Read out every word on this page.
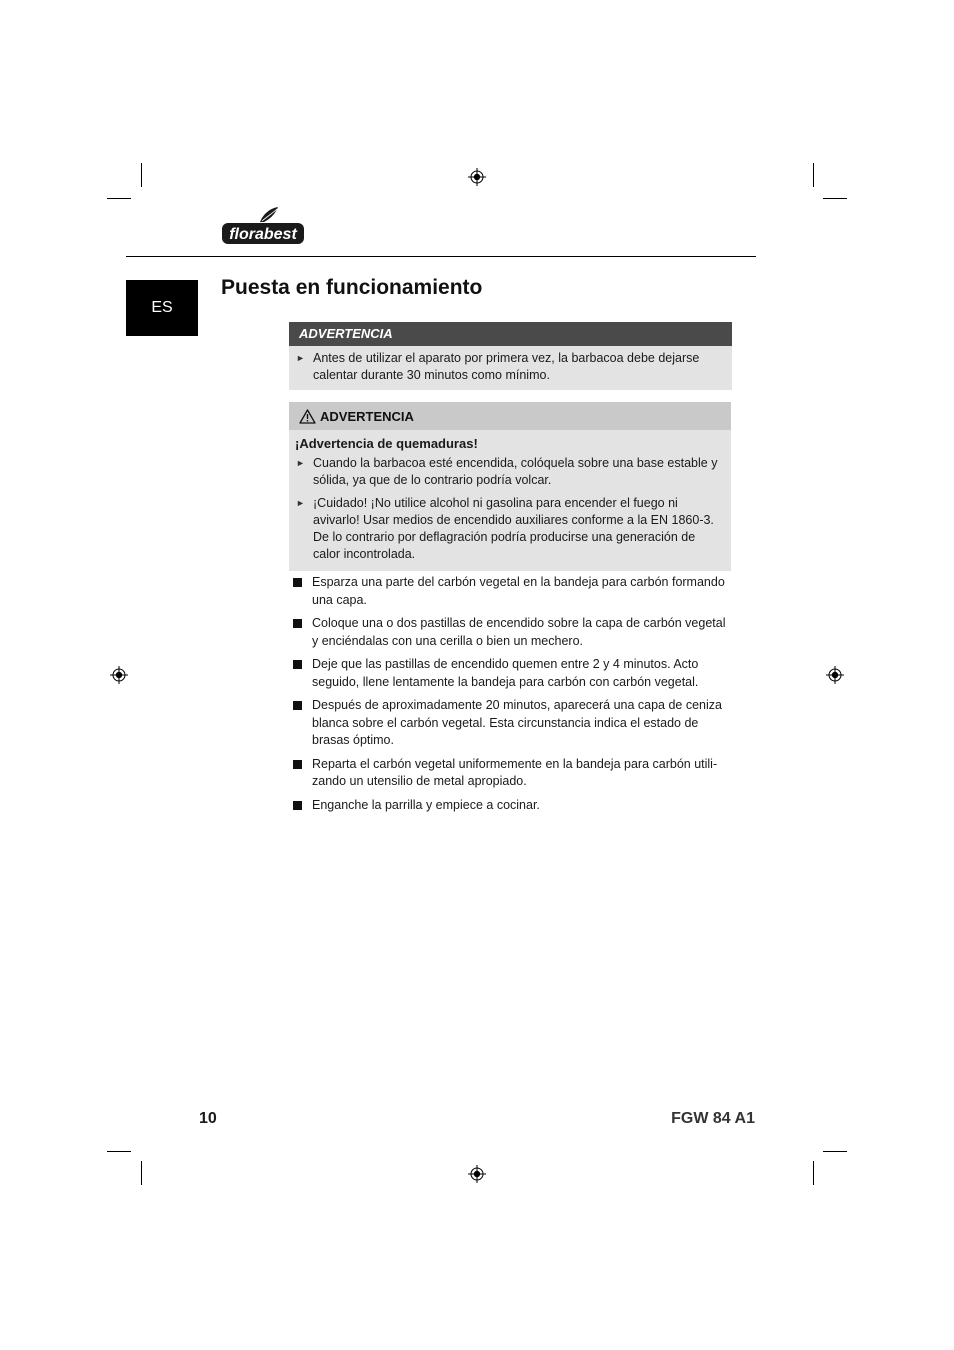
florabest
ES
Puesta en funcionamiento
ADVERTENCIA
► Antes de utilizar el aparato por primera vez, la barbacoa debe dejarse calentar durante 30 minutos como mínimo.
ADVERTENCIA
¡Advertencia de quemaduras!
► Cuando la barbacoa esté encendida, colóquela sobre una base estable y sólida, ya que de lo contrario podría volcar.
► ¡Cuidado! ¡No utilice alcohol ni gasolina para encender el fuego ni avivarlo! Usar medios de encendido auxiliares conforme a la EN 1860-3. De lo contrario por deflagración podría producirse una generación de calor incontrolada.
Esparza una parte del carbón vegetal en la bandeja para carbón formando una capa.
Coloque una o dos pastillas de encendido sobre la capa de carbón vegetal y enciéndalas con una cerilla o bien un mechero.
Deje que las pastillas de encendido quemen entre 2 y 4 minutos. Acto seguido, llene lentamente la bandeja para carbón con carbón vegetal.
Después de aproximadamente 20 minutos, aparecerá una capa de ceniza blanca sobre el carbón vegetal. Esta circunstancia indica el estado de brasas óptimo.
Reparta el carbón vegetal uniformemente en la bandeja para carbón utili-zando un utensilio de metal apropiado.
Enganche la parrilla y empiece a cocinar.
10	FGW 84 A1
